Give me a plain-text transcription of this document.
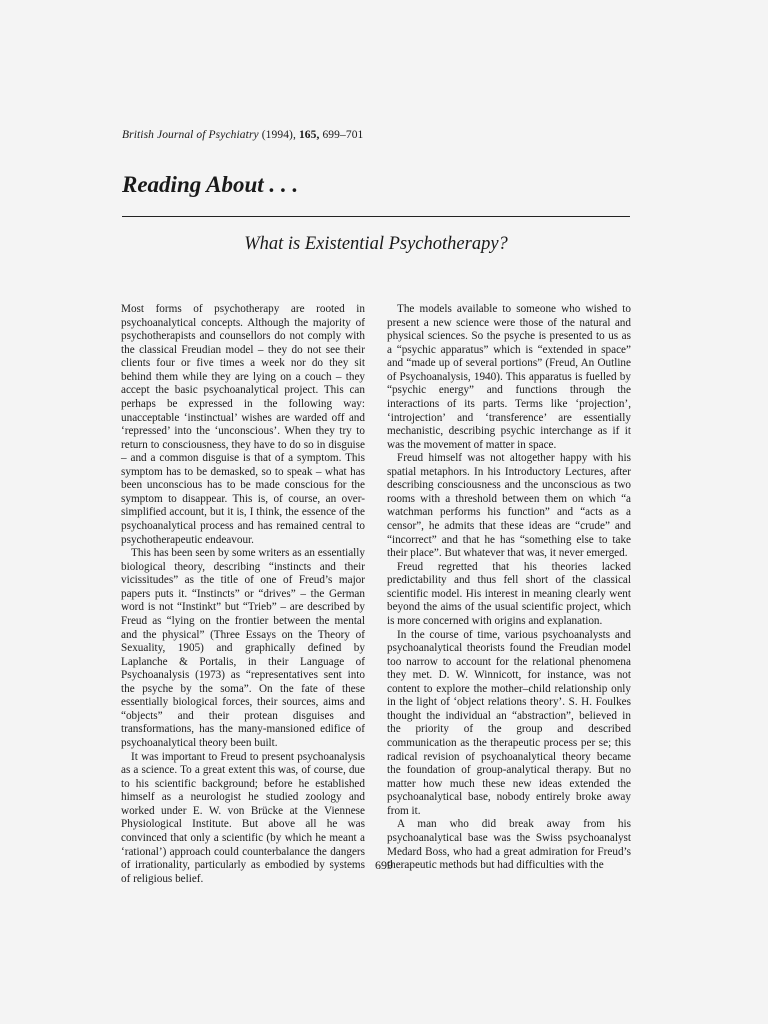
British Journal of Psychiatry (1994), 165, 699–701
Reading About . . .
What is Existential Psychotherapy?

Most forms of psychotherapy are rooted in psychoanalytical concepts. Although the majority of psychotherapists and counsellors do not comply with the classical Freudian model – they do not see their clients four or five times a week nor do they sit behind them while they are lying on a couch – they accept the basic psychoanalytical project. This can perhaps be expressed in the following way: unacceptable ‘instinctual’ wishes are warded off and ‘repressed’ into the ‘unconscious’. When they try to return to consciousness, they have to do so in disguise – and a common disguise is that of a symptom. This symptom has to be demasked, so to speak – what has been unconscious has to be made conscious for the symptom to disappear. This is, of course, an over-simplified account, but it is, I think, the essence of the psychoanalytical process and has remained central to psychotherapeutic endeavour.

This has been seen by some writers as an essentially biological theory, describing “instincts and their vicissitudes” as the title of one of Freud’s major papers puts it. “Instincts” or “drives” – the German word is not “Instinkt” but “Trieb” – are described by Freud as “lying on the frontier between the mental and the physical” (Three Essays on the Theory of Sexuality, 1905) and graphically defined by Laplanche & Portalis, in their Language of Psychoanalysis (1973) as “representatives sent into the psyche by the soma”. On the fate of these essentially biological forces, their sources, aims and “objects” and their protean disguises and transformations, has the many-mansioned edifice of psychoanalytical theory been built.

It was important to Freud to present psychoanalysis as a science. To a great extent this was, of course, due to his scientific background; before he established himself as a neurologist he studied zoology and worked under E. W. von Brücke at the Viennese Physiological Institute. But above all he was convinced that only a scientific (by which he meant a ‘rational’) approach could counterbalance the dangers of irrationality, particularly as embodied by systems of religious belief.

The models available to someone who wished to present a new science were those of the natural and physical sciences. So the psyche is presented to us as a “psychic apparatus” which is “extended in space” and “made up of several portions” (Freud, An Outline of Psychoanalysis, 1940). This apparatus is fuelled by “psychic energy” and functions through the interactions of its parts. Terms like ‘projection’, ‘introjection’ and ‘transference’ are essentially mechanistic, describing psychic interchange as if it was the movement of matter in space.

Freud himself was not altogether happy with his spatial metaphors. In his Introductory Lectures, after describing consciousness and the unconscious as two rooms with a threshold between them on which “a watchman performs his function” and “acts as a censor”, he admits that these ideas are “crude” and “incorrect” and that he has “something else to take their place”. But whatever that was, it never emerged.

Freud regretted that his theories lacked predictability and thus fell short of the classical scientific model. His interest in meaning clearly went beyond the aims of the usual scientific project, which is more concerned with origins and explanation.

In the course of time, various psychoanalysts and psychoanalytical theorists found the Freudian model too narrow to account for the relational phenomena they met. D. W. Winnicott, for instance, was not content to explore the mother–child relationship only in the light of ‘object relations theory’. S. H. Foulkes thought the individual an “abstraction”, believed in the priority of the group and described communication as the therapeutic process per se; this radical revision of psychoanalytical theory became the foundation of group-analytical therapy. But no matter how much these new ideas extended the psychoanalytical base, nobody entirely broke away from it.

A man who did break away from his psychoanalytical base was the Swiss psychoanalyst Medard Boss, who had a great admiration for Freud’s therapeutic methods but had difficulties with the

699
